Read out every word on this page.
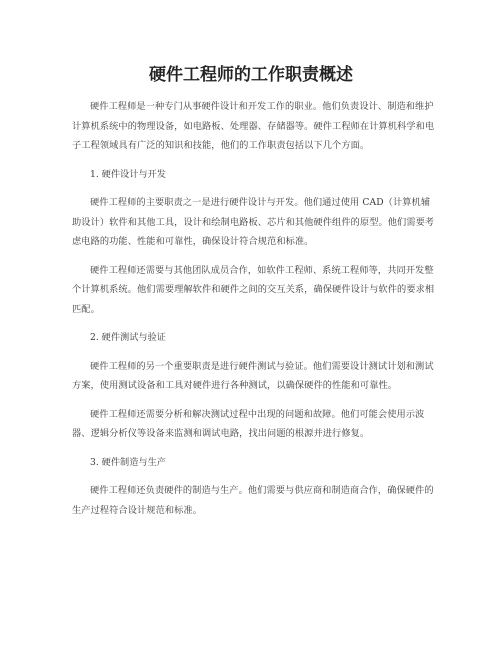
硬件工程师的工作职责概述

硬件工程师是一种专门从事硬件设计和开发工作的职业。他们负责设计、制造和维护计算机系统中的物理设备，如电路板、处理器、存储器等。硬件工程师在计算机科学和电子工程领域具有广泛的知识和技能，他们的工作职责包括以下几个方面。

1. 硬件设计与开发

硬件工程师的主要职责之一是进行硬件设计与开发。他们通过使用 CAD（计算机辅助设计）软件和其他工具，设计和绘制电路板、芯片和其他硬件组件的原型。他们需要考虑电路的功能、性能和可靠性，确保设计符合规范和标准。

硬件工程师还需要与其他团队成员合作，如软件工程师、系统工程师等，共同开发整个计算机系统。他们需要理解软件和硬件之间的交互关系，确保硬件设计与软件的要求相匹配。

2. 硬件测试与验证

硬件工程师的另一个重要职责是进行硬件测试与验证。他们需要设计测试计划和测试方案，使用测试设备和工具对硬件进行各种测试，以确保硬件的性能和可靠性。

硬件工程师还需要分析和解决测试过程中出现的问题和故障。他们可能会使用示波器、逻辑分析仪等设备来监测和调试电路，找出问题的根源并进行修复。

3. 硬件制造与生产

硬件工程师还负责硬件的制造与生产。他们需要与供应商和制造商合作，确保硬件的生产过程符合设计规范和标准。
